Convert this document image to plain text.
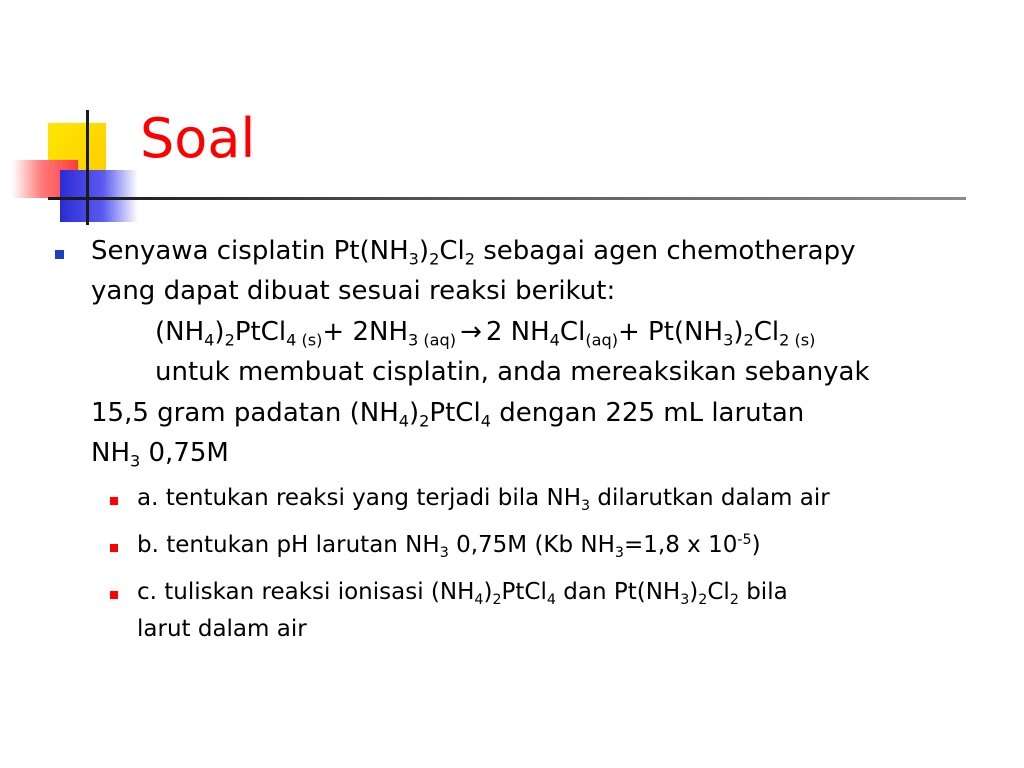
Soal
Senyawa cisplatin $Pt(NH_3)_2Cl_2$ sebagai agen chemotherapy
yang dapat dibuat sesuai reaksi berikut:
$(NH_4)_2PtCl_{4 (s)}+ 2NH_{3 (aq)} \to 2$ $NH_4Cl_{(aq)}+ Pt(NH_3)_2Cl_{2 (s)}$
untuk membuat cisplatin, anda mereaksikan sebanyak
15,5 gram padatan $(NH_4)_2PtCl_4$ dengan 225 mL larutan
$NH_3$ 0,75M
a. tentukan reaksi yang terjadi bila $NH_3$ dilarutkan dalam air
b. tentukan pH larutan $NH_3$ 0,75M (Kb $NH_3=1,8$ x $10^{-5}$)
c. tuliskan reaksi ionisasi $(NH_4)_2PtCl_4$ dan $Pt(NH_3)_2Cl_2$ bila
larut dalam air
